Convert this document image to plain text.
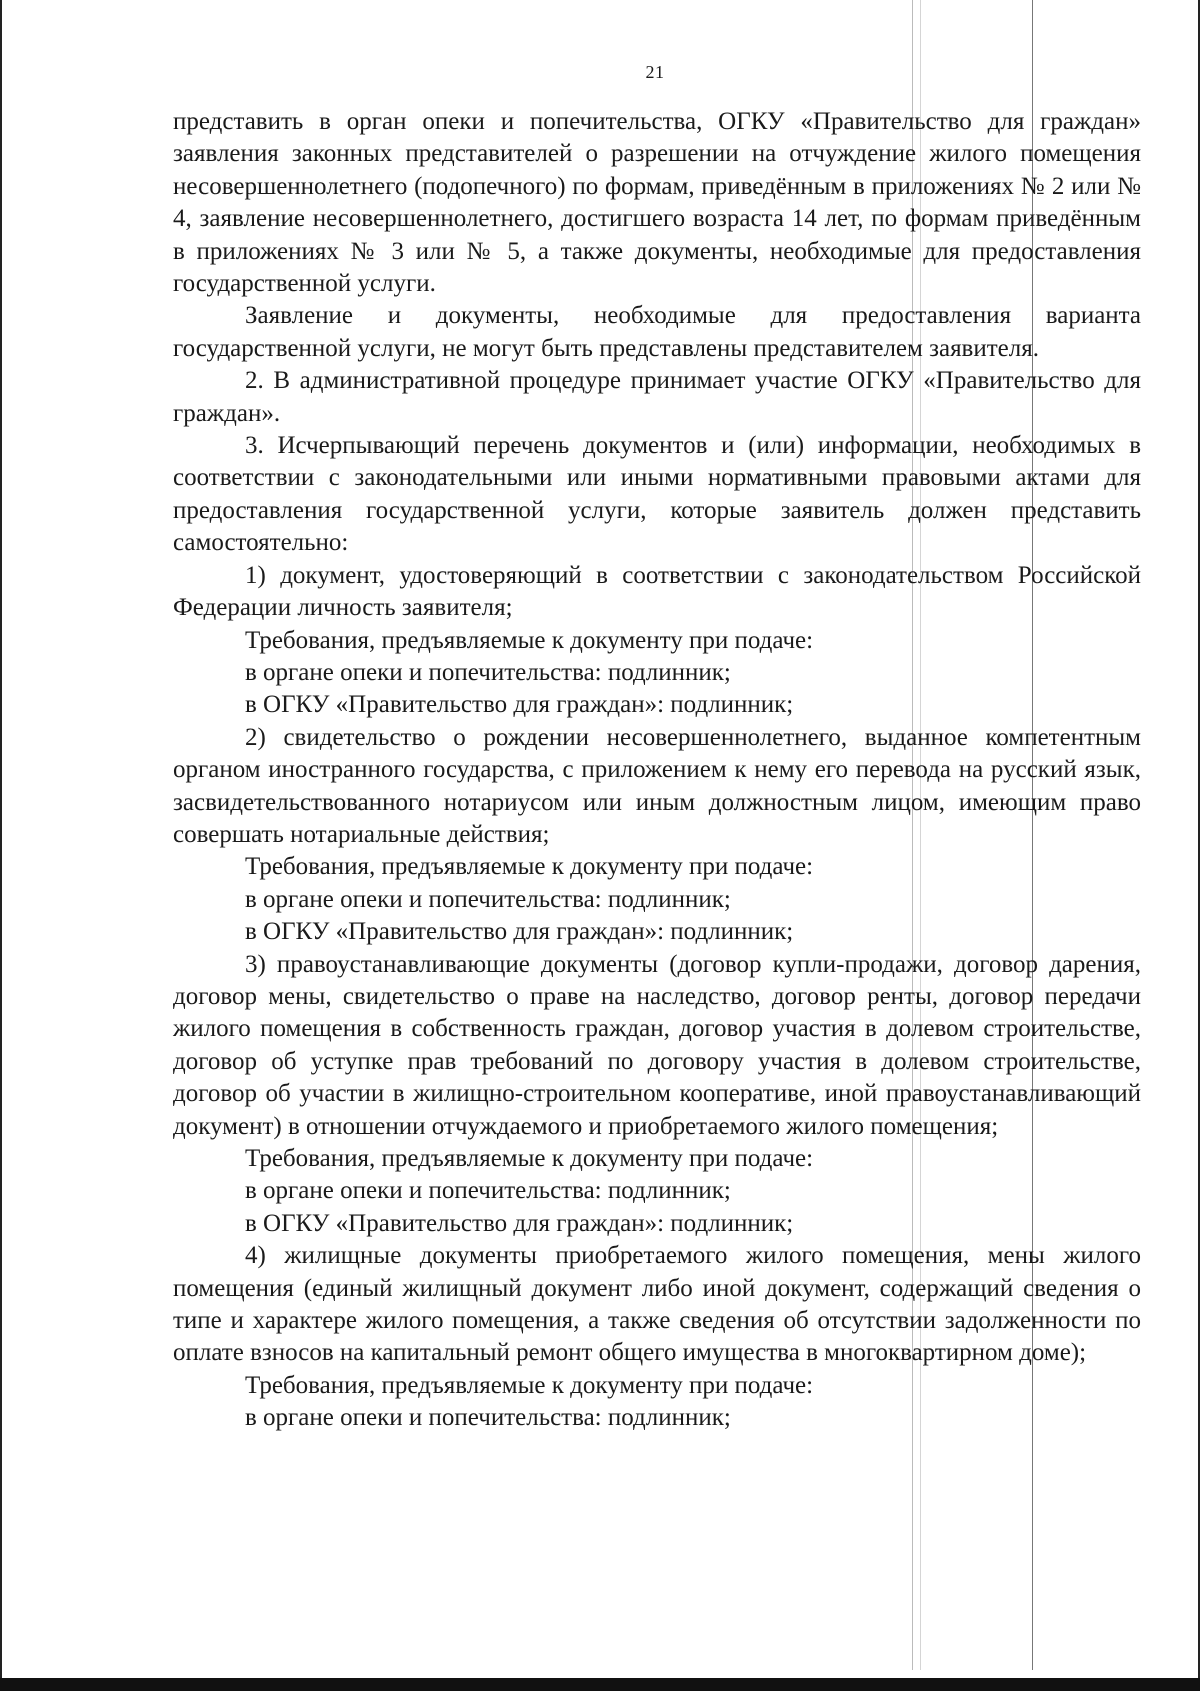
21

представить в орган опеки и попечительства, ОГКУ «Правительство для граждан» заявления законных представителей о разрешении на отчуждение жилого помещения несовершеннолетнего (подопечного) по формам, приведённым в приложениях № 2 или № 4, заявление несовершеннолетнего, достигшего возраста 14 лет, по формам приведённым в приложениях № 3 или № 5, а также документы, необходимые для предоставления государственной услуги.

Заявление и документы, необходимые для предоставления варианта государственной услуги, не могут быть представлены представителем заявителя.

2. В административной процедуре принимает участие ОГКУ «Правительство для граждан».

3. Исчерпывающий перечень документов и (или) информации, необходимых в соответствии с законодательными или иными нормативными правовыми актами для предоставления государственной услуги, которые заявитель должен представить самостоятельно:

1) документ, удостоверяющий в соответствии с законодательством Российской Федерации личность заявителя;

Требования, предъявляемые к документу при подаче:

в органе опеки и попечительства: подлинник;

в ОГКУ «Правительство для граждан»: подлинник;

2) свидетельство о рождении несовершеннолетнего, выданное компетентным органом иностранного государства, с приложением к нему его перевода на русский язык, засвидетельствованного нотариусом или иным должностным лицом, имеющим право совершать нотариальные действия;

Требования, предъявляемые к документу при подаче:

в органе опеки и попечительства: подлинник;

в ОГКУ «Правительство для граждан»: подлинник;

3) правоустанавливающие документы (договор купли-продажи, договор дарения, договор мены, свидетельство о праве на наследство, договор ренты, договор передачи жилого помещения в собственность граждан, договор участия в долевом строительстве, договор об уступке прав требований по договору участия в долевом строительстве, договор об участии в жилищно-строительном кооперативе, иной правоустанавливающий документ) в отношении отчуждаемого и приобретаемого жилого помещения;

Требования, предъявляемые к документу при подаче:

в органе опеки и попечительства: подлинник;

в ОГКУ «Правительство для граждан»: подлинник;

4) жилищные документы приобретаемого жилого помещения, мены жилого помещения (единый жилищный документ либо иной документ, содержащий сведения о типе и характере жилого помещения, а также сведения об отсутствии задолженности по оплате взносов на капитальный ремонт общего имущества в многоквартирном доме);

Требования, предъявляемые к документу при подаче:

в органе опеки и попечительства: подлинник;
